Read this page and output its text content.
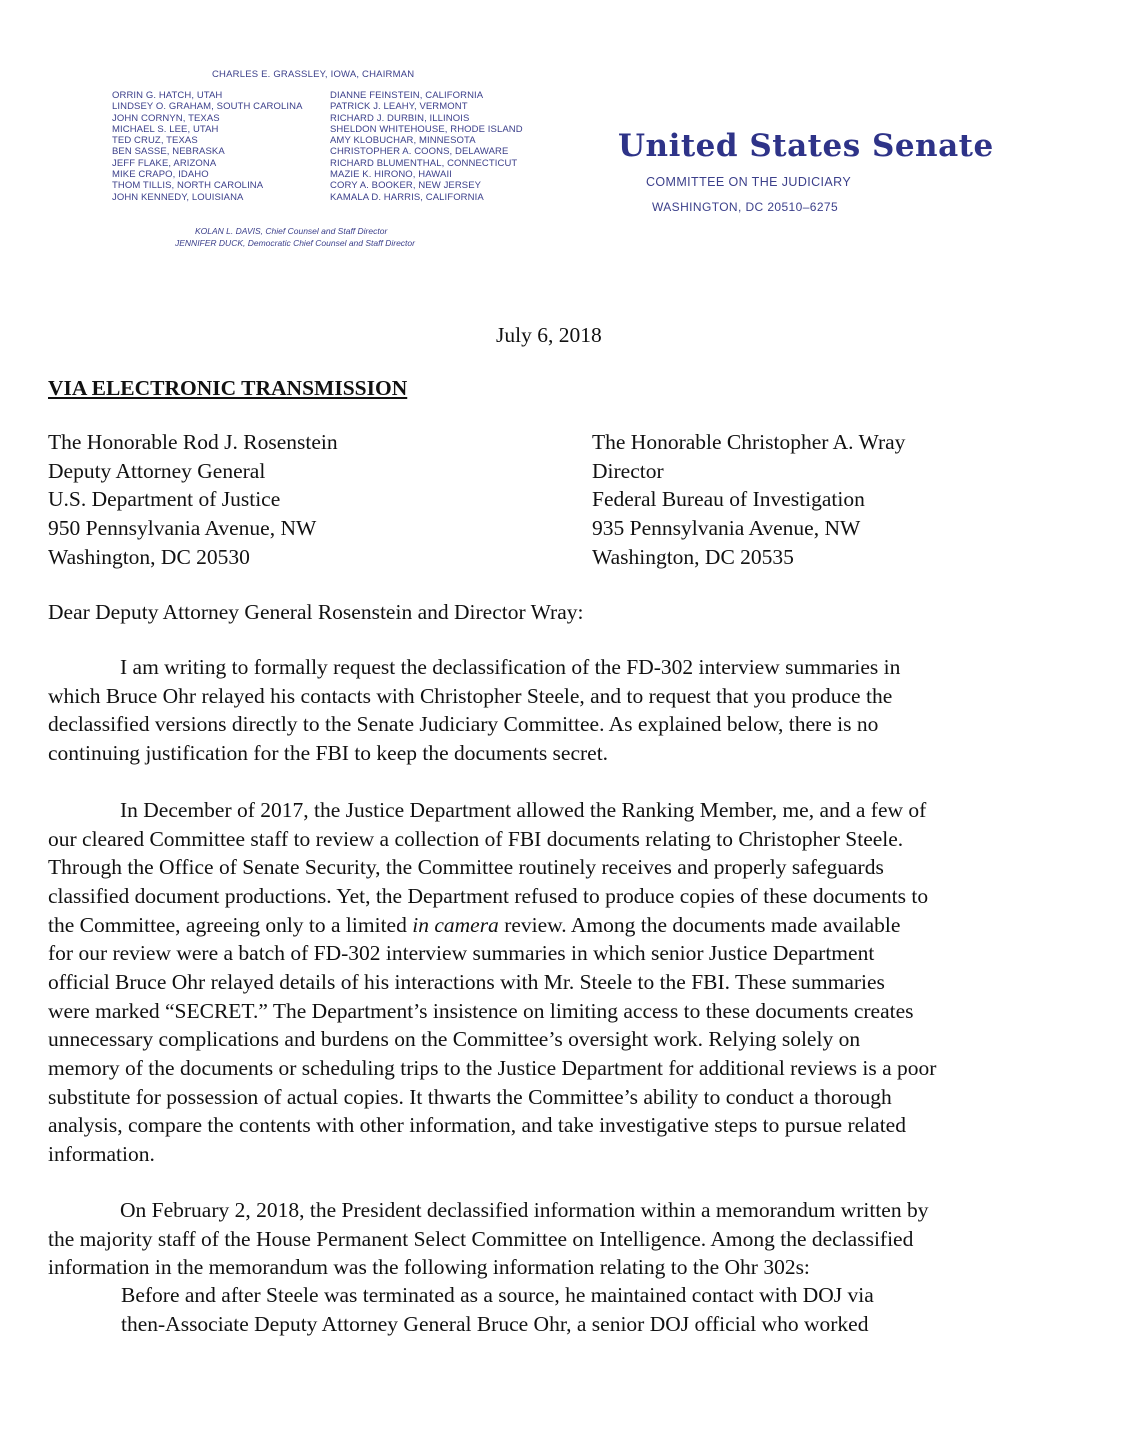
CHARLES E. GRASSLEY, IOWA, CHAIRMAN
ORRIN G. HATCH, UTAH
LINDSEY O. GRAHAM, SOUTH CAROLINA
JOHN CORNYN, TEXAS
MICHAEL S. LEE, UTAH
TED CRUZ, TEXAS
BEN SASSE, NEBRASKA
JEFF FLAKE, ARIZONA
MIKE CRAPO, IDAHO
THOM TILLIS, NORTH CAROLINA
JOHN KENNEDY, LOUISIANA
DIANNE FEINSTEIN, CALIFORNIA
PATRICK J. LEAHY, VERMONT
RICHARD J. DURBIN, ILLINOIS
SHELDON WHITEHOUSE, RHODE ISLAND
AMY KLOBUCHAR, MINNESOTA
CHRISTOPHER A. COONS, DELAWARE
RICHARD BLUMENTHAL, CONNECTICUT
MAZIE K. HIRONO, HAWAII
CORY A. BOOKER, NEW JERSEY
KAMALA D. HARRIS, CALIFORNIA
KOLAN L. DAVIS, Chief Counsel and Staff Director
JENNIFER DUCK, Democratic Chief Counsel and Staff Director
United States Senate
COMMITTEE ON THE JUDICIARY
WASHINGTON, DC 20510–6275
July 6, 2018
VIA ELECTRONIC TRANSMISSION
The Honorable Rod J. Rosenstein
Deputy Attorney General
U.S. Department of Justice
950 Pennsylvania Avenue, NW
Washington, DC 20530
The Honorable Christopher A. Wray
Director
Federal Bureau of Investigation
935 Pennsylvania Avenue, NW
Washington, DC 20535
Dear Deputy Attorney General Rosenstein and Director Wray:
I am writing to formally request the declassification of the FD-302 interview summaries in
which Bruce Ohr relayed his contacts with Christopher Steele, and to request that you produce the
declassified versions directly to the Senate Judiciary Committee. As explained below, there is no
continuing justification for the FBI to keep the documents secret.
In December of 2017, the Justice Department allowed the Ranking Member, me, and a few of
our cleared Committee staff to review a collection of FBI documents relating to Christopher Steele.
Through the Office of Senate Security, the Committee routinely receives and properly safeguards
classified document productions. Yet, the Department refused to produce copies of these documents to
the Committee, agreeing only to a limited in camera review. Among the documents made available
for our review were a batch of FD-302 interview summaries in which senior Justice Department
official Bruce Ohr relayed details of his interactions with Mr. Steele to the FBI. These summaries
were marked “SECRET.” The Department’s insistence on limiting access to these documents creates
unnecessary complications and burdens on the Committee’s oversight work. Relying solely on
memory of the documents or scheduling trips to the Justice Department for additional reviews is a poor
substitute for possession of actual copies. It thwarts the Committee’s ability to conduct a thorough
analysis, compare the contents with other information, and take investigative steps to pursue related
information.
On February 2, 2018, the President declassified information within a memorandum written by
the majority staff of the House Permanent Select Committee on Intelligence. Among the declassified
information in the memorandum was the following information relating to the Ohr 302s:
Before and after Steele was terminated as a source, he maintained contact with DOJ via
then-Associate Deputy Attorney General Bruce Ohr, a senior DOJ official who worked
